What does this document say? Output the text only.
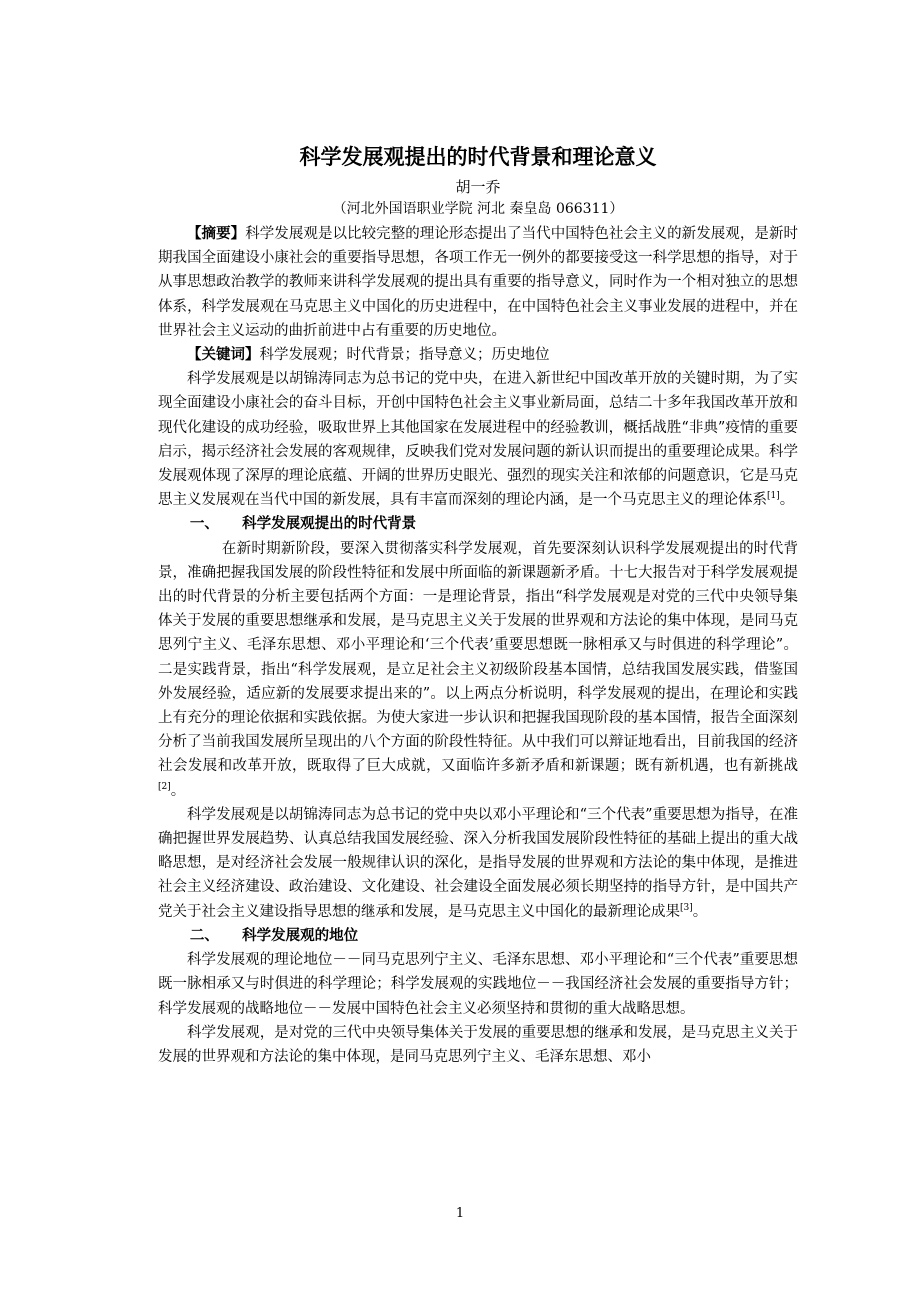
科学发展观提出的时代背景和理论意义
胡一乔
（河北外国语职业学院 河北 秦皇岛 066311）

【摘要】科学发展观是以比较完整的理论形态提出了当代中国特色社会主义的新发展观，是新时期我国全面建设小康社会的重要指导思想，各项工作无一例外的都要接受这一科学思想的指导，对于从事思想政治教学的教师来讲科学发展观的提出具有重要的指导意义，同时作为一个相对独立的思想体系，科学发展观在马克思主义中国化的历史进程中，在中国特色社会主义事业发展的进程中，并在世界社会主义运动的曲折前进中占有重要的历史地位。

【关键词】科学发展观；时代背景；指导意义；历史地位

科学发展观是以胡锦涛同志为总书记的党中央，在进入新世纪中国改革开放的关键时期，为了实现全面建设小康社会的奋斗目标，开创中国特色社会主义事业新局面，总结二十多年我国改革开放和现代化建设的成功经验，吸取世界上其他国家在发展进程中的经验教训，概括战胜“非典”疫情的重要启示，揭示经济社会发展的客观规律，反映我们党对发展问题的新认识而提出的重要理论成果。科学发展观体现了深厚的理论底蕴、开阔的世界历史眼光、强烈的现实关注和浓郁的问题意识，它是马克思主义发展观在当代中国的新发展，具有丰富而深刻的理论内涵，是一个马克思主义的理论体系[1]。

一、 科学发展观提出的时代背景

在新时期新阶段，要深入贯彻落实科学发展观，首先要深刻认识科学发展观提出的时代背景，准确把握我国发展的阶段性特征和发展中所面临的新课题新矛盾。十七大报告对于科学发展观提出的时代背景的分析主要包括两个方面：一是理论背景，指出“科学发展观是对党的三代中央领导集体关于发展的重要思想继承和发展，是马克思主义关于发展的世界观和方法论的集中体现，是同马克思列宁主义、毛泽东思想、邓小平理论和‘三个代表’重要思想既一脉相承又与时俱进的科学理论”。二是实践背景，指出“科学发展观，是立足社会主义初级阶段基本国情，总结我国发展实践，借鉴国外发展经验，适应新的发展要求提出来的”。以上两点分析说明，科学发展观的提出，在理论和实践上有充分的理论依据和实践依据。为使大家进一步认识和把握我国现阶段的基本国情，报告全面深刻分析了当前我国发展所呈现出的八个方面的阶段性特征。从中我们可以辩证地看出，目前我国的经济社会发展和改革开放，既取得了巨大成就，又面临许多新矛盾和新课题；既有新机遇，也有新挑战[2]。

科学发展观是以胡锦涛同志为总书记的党中央以邓小平理论和“三个代表”重要思想为指导，在准确把握世界发展趋势、认真总结我国发展经验、深入分析我国发展阶段性特征的基础上提出的重大战略思想，是对经济社会发展一般规律认识的深化，是指导发展的世界观和方法论的集中体现，是推进社会主义经济建设、政治建设、文化建设、社会建设全面发展必须长期坚持的指导方针，是中国共产党关于社会主义建设指导思想的继承和发展，是马克思主义中国化的最新理论成果[3]。

二、 科学发展观的地位

科学发展观的理论地位－－同马克思列宁主义、毛泽东思想、邓小平理论和“三个代表”重要思想既一脉相承又与时俱进的科学理论；科学发展观的实践地位－－我国经济社会发展的重要指导方针；科学发展观的战略地位－－发展中国特色社会主义必须坚持和贯彻的重大战略思想。

科学发展观，是对党的三代中央领导集体关于发展的重要思想的继承和发展，是马克思主义关于发展的世界观和方法论的集中体现，是同马克思列宁主义、毛泽东思想、邓小

1
